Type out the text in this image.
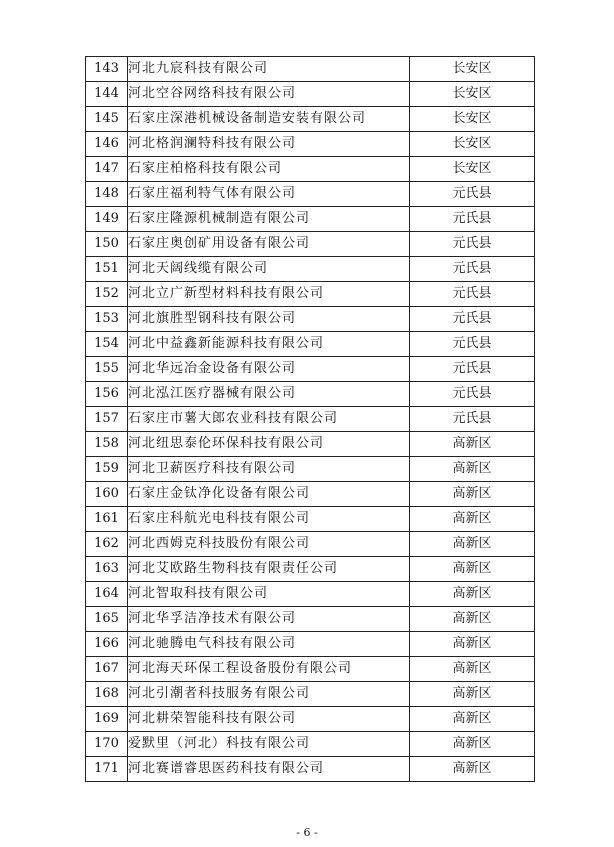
143	河北九宸科技有限公司	长安区
144	河北空谷网络科技有限公司	长安区
145	石家庄深港机械设备制造安装有限公司	长安区
146	河北格润澜特科技有限公司	长安区
147	石家庄柏格科技有限公司	长安区
148	石家庄福利特气体有限公司	元氏县
149	石家庄隆源机械制造有限公司	元氏县
150	石家庄奥创矿用设备有限公司	元氏县
151	河北天阔线缆有限公司	元氏县
152	河北立广新型材料科技有限公司	元氏县
153	河北旗胜型钢科技有限公司	元氏县
154	河北中益鑫新能源科技有限公司	元氏县
155	河北华远冶金设备有限公司	元氏县
156	河北泓江医疗器械有限公司	元氏县
157	石家庄市薯大郎农业科技有限公司	元氏县
158	河北纽思泰伦环保科技有限公司	高新区
159	河北卫薪医疗科技有限公司	高新区
160	石家庄金钛净化设备有限公司	高新区
161	石家庄科航光电科技有限公司	高新区
162	河北西姆克科技股份有限公司	高新区
163	河北艾欧路生物科技有限责任公司	高新区
164	河北智取科技有限公司	高新区
165	河北华孚洁净技术有限公司	高新区
166	河北驰腾电气科技有限公司	高新区
167	河北海天环保工程设备股份有限公司	高新区
168	河北引潮者科技服务有限公司	高新区
169	河北耕荣智能科技有限公司	高新区
170	爱默里（河北）科技有限公司	高新区
171	河北赛谱睿思医药科技有限公司	高新区
- 6 -
